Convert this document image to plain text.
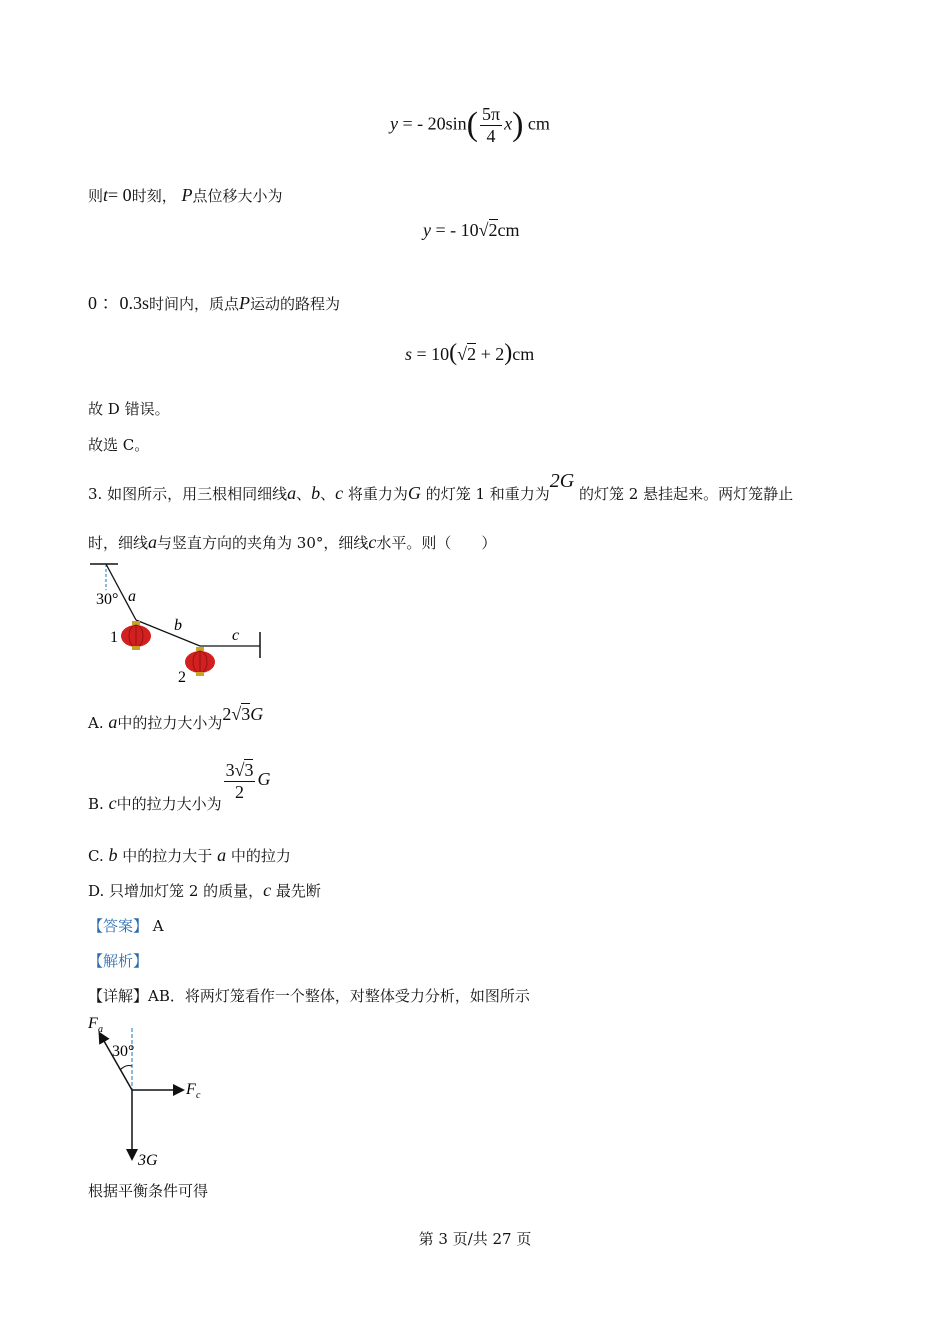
y = - $20\sin( \frac{5\pi}{4} x)$ cm
则t= 0时刻， P点位移大小为
y = - 10√2cm
0 ：0.3s时间内，质点P运动的路程为
s = 10(√2 + 2)cm
故 D 错误。
故选 C。
3. 如图所示，用三根相同细线a、b、c 将重力为G 的灯笼 1 和重力为2G 的灯笼 2 悬挂起来。两灯笼静止
时，细线a与竖直方向的夹角为 30°，细线c水平。则（　　）
30° a
b
c
1
2
A. a中的拉力大小为2√3G
B. c中的拉力大小为
$\frac{3√3}{2}$ G
C. b 中的拉力大于 a 中的拉力
D. 只增加灯笼 2 的质量，c 最先断
【答案】 A
【解析】
【详解】AB．将两灯笼看作一个整体，对整体受力分析，如图所示
F a
30°
F c
3G
根据平衡条件可得
第 3 页/共 27 页
